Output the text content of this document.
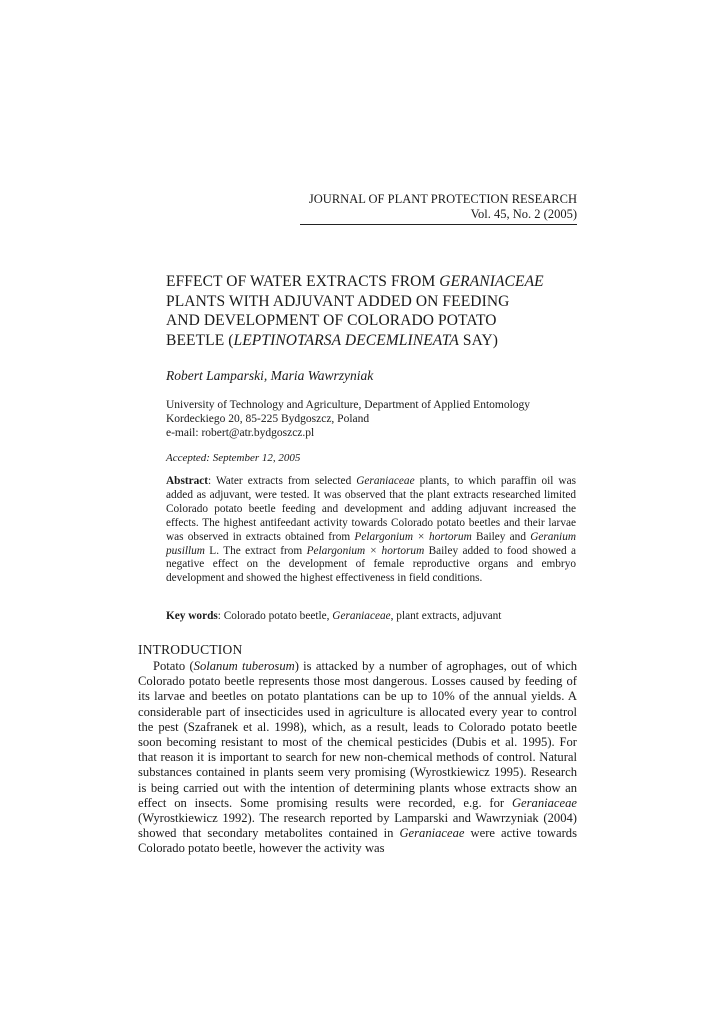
JOURNAL OF PLANT PROTECTION RESEARCH
Vol. 45, No. 2 (2005)
EFFECT OF WATER EXTRACTS FROM GERANIACEAE
PLANTS WITH ADJUVANT ADDED ON FEEDING
AND DEVELOPMENT OF COLORADO POTATO
BEETLE (LEPTINOTARSA DECEMLINEATA SAY)
Robert Lamparski, Maria Wawrzyniak
University of Technology and Agriculture, Department of Applied Entomology
Kordeckiego 20, 85-225 Bydgoszcz, Poland
e-mail: robert@atr.bydgoszcz.pl
Accepted: September 12, 2005
Abstract: Water extracts from selected Geraniaceae plants, to which paraffin oil was added as adjuvant, were tested. It was observed that the plant extracts researched limited Colorado potato beetle feeding and development and adding adjuvant increased the effects. The highest antifeedant activity towards Colorado potato beetles and their larvae was observed in extracts obtained from Pelargonium × hortorum Bailey and Geranium pusillum L. The extract from Pelargonium × hortorum Bailey added to food showed a negative effect on the development of female reproductive organs and embryo development and showed the highest effectiveness in field conditions.
Key words: Colorado potato beetle, Geraniaceae, plant extracts, adjuvant
INTRODUCTION

Potato (Solanum tuberosum) is attacked by a number of agrophages, out of which Colorado potato beetle represents those most dangerous. Losses caused by feeding of its larvae and beetles on potato plantations can be up to 10% of the annual yields. A considerable part of insecticides used in agriculture is allocated every year to control the pest (Szafranek et al. 1998), which, as a result, leads to Colorado potato beetle soon becoming resistant to most of the chemical pesticides (Dubis et al. 1995). For that reason it is important to search for new non-chemical methods of control. Natural substances contained in plants seem very promising (Wyrostkiewicz 1995). Research is being carried out with the intention of determining plants whose extracts show an effect on insects. Some promising results were recorded, e.g. for Geraniaceae (Wyrostkiewicz 1992). The research reported by Lamparski and Wawrzyniak (2004) showed that secondary metabolites contained in Geraniaceae were active towards Colorado potato beetle, however the activity was
